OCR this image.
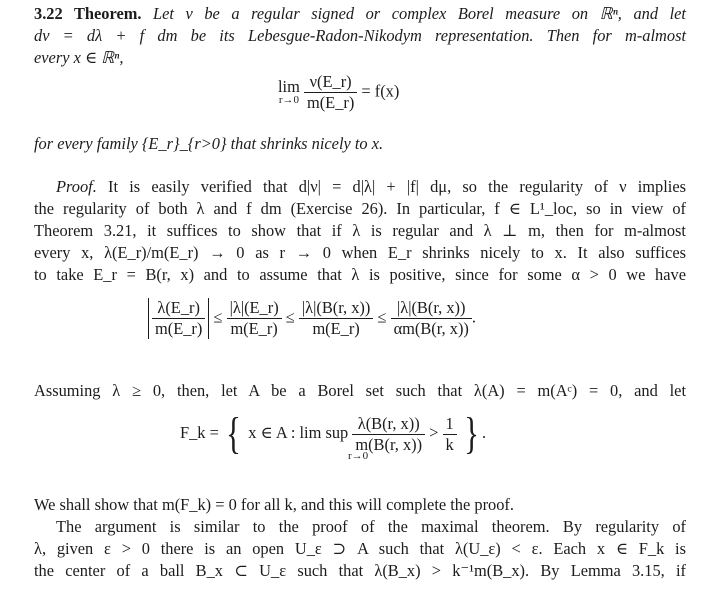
3.22 Theorem. Let ν be a regular signed or complex Borel measure on ℝⁿ, and let
dν = dλ + f dm be its Lebesgue-Radon-Nikodym representation. Then for m-almost
every x ∈ ℝⁿ,
lim
r→0
$\frac{\nu(E\_r)}{m(E\_r)} = f(x)$
for every family {E_r}_{r>0} that shrinks nicely to x.
Proof. It is easily verified that d|ν| = d|λ| + |f| dμ, so the regularity of ν implies
the regularity of both λ and f dm (Exercise 26). In particular, f ∈ L¹_loc, so in view of
Theorem 3.21, it suffices to show that if λ is regular and λ ⊥ m, then for m-almost
every x, λ(E_r)/m(E_r) → 0 as r → 0 when E_r shrinks nicely to x. It also suffices
to take E_r = B(r, x) and to assume that λ is positive, since for some α > 0 we have
$\frac{\lambda(E\_r)}{m(E\_r)} \le \frac{|\lambda|(E\_r)}{m(E\_r)} \le \frac{|\lambda|(B(r, x))}{m(E\_r)} \le \frac{|\lambda|(B(r, x))}{\alpha m(B(r, x))}$ .
Assuming λ ≥ 0, then, let A be a Borel set such that λ(A) = m(Aᶜ) = 0, and let
F_k = { x ∈ A : lim sup $\frac{\lambda(B(r, x))}{m(B(r, x))} > \frac{1}{k}$ } .
r→0
We shall show that m(F_k) = 0 for all k, and this will complete the proof.
The argument is similar to the proof of the maximal theorem. By regularity of
λ, given ε > 0 there is an open U_ε ⊃ A such that λ(U_ε) < ε. Each x ∈ F_k is
the center of a ball B_x ⊂ U_ε such that λ(B_x) > k⁻¹m(B_x). By Lemma 3.15, if
